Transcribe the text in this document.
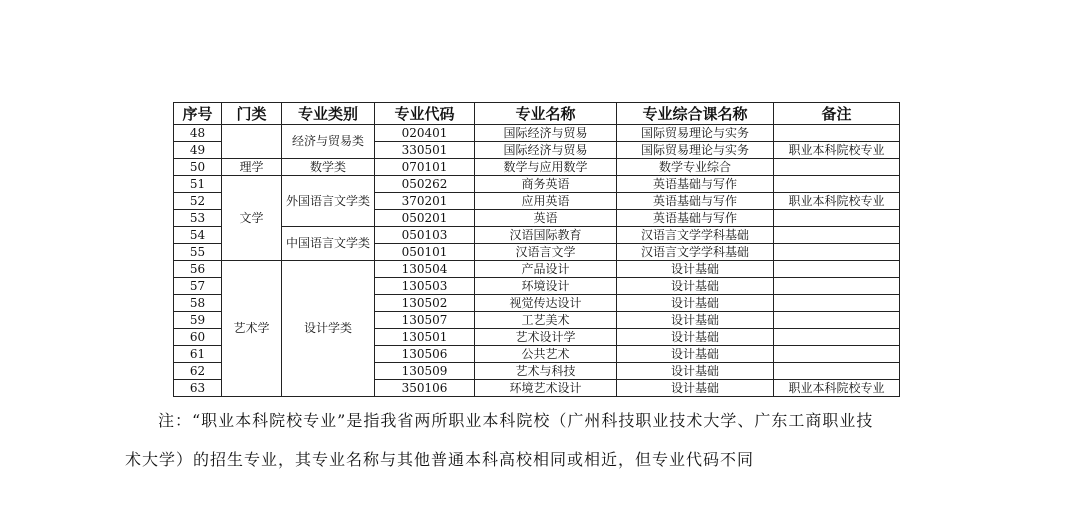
序号	门类	专业类别	专业代码	专业名称	专业综合课名称	备注
48		经济与贸易类	020401	国际经济与贸易	国际贸易理论与实务	
49			330501	国际经济与贸易	国际贸易理论与实务	职业本科院校专业
50	理学	数学类	070101	数学与应用数学	数学专业综合	
51	文学	外国语言文学类	050262	商务英语	英语基础与写作	
52			370201	应用英语	英语基础与写作	职业本科院校专业
53			050201	英语	英语基础与写作	
54		中国语言文学类	050103	汉语国际教育	汉语言文学学科基础	
55			050101	汉语言文学	汉语言文学学科基础	
56	艺术学	设计学类	130504	产品设计	设计基础	
57			130503	环境设计	设计基础	
58			130502	视觉传达设计	设计基础	
59			130507	工艺美术	设计基础	
60			130501	艺术设计学	设计基础	
61			130506	公共艺术	设计基础	
62			130509	艺术与科技	设计基础	
63			350106	环境艺术设计	设计基础	职业本科院校专业
注：“职业本科院校专业”是指我省两所职业本科院校（广州科技职业技术大学、广东工商职业技
术大学）的招生专业，其专业名称与其他普通本科高校相同或相近，但专业代码不同
